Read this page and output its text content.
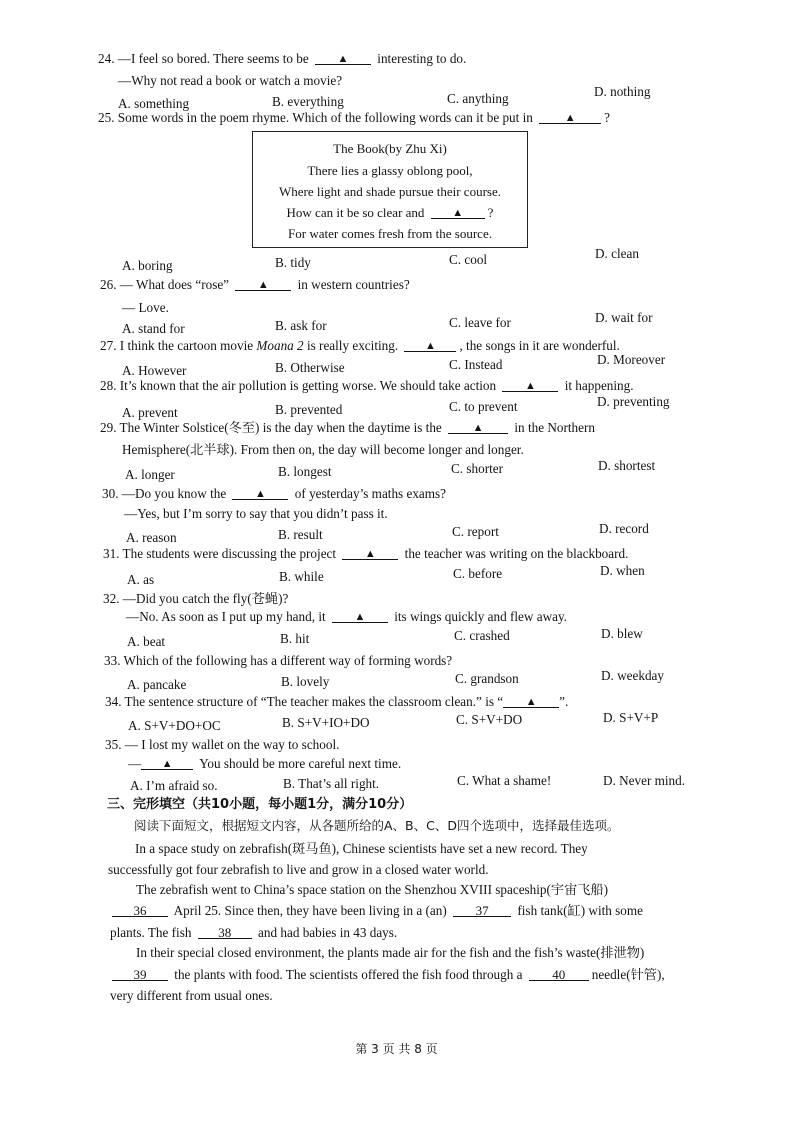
24. —I feel so bored. There seems to be	▲ interesting to do.
—Why not read a book or watch a movie?
A. something	B. everything	C. anything	D. nothing
25. Some words in the poem rhyme. Which of the following words can it be put in	▲ ?
The Book(by Zhu Xi)
There lies a glassy oblong pool,
Where light and shade pursue their course.
How can it be so clear and	▲ ?
For water comes fresh from the source.
A. boring	B. tidy	C. cool	D. clean
26. — What does “rose”	▲ in western countries?
— Love.
A. stand for	B. ask for	C. leave for	D. wait for
27. I think the cartoon movie Moana 2 is really exciting. ▲ , the songs in it are wonderful.
A. However	B. Otherwise	C. Instead	D. Moreover
28. It’s known that the air pollution is getting worse. We should take action	▲ it happening.
A. prevent	B. prevented	C. to prevent	D. preventing
29. The Winter Solstice(冬至) is the day when the daytime is the	▲ in the Northern
Hemisphere(北半球). From then on, the day will become longer and longer.
A. longer	B. longest	C. shorter	D. shortest
30. —Do you know the	▲ of yesterday’s maths exams?
—Yes, but I’m sorry to say that you didn’t pass it.
A. reason	B. result	C. report	D. record
31. The students were discussing the project	▲ the teacher was writing on the blackboard.
A. as	B. while	C. before	D. when
32. —Did you catch the fly(苍蝇)?
—No. As soon as I put up my hand, it	▲ its wings quickly and flew away.
A. beat	B. hit	C. crashed	D. blew
33. Which of the following has a different way of forming words?
A. pancake	B. lovely	C. grandson	D. weekday
34. The sentence structure of “The teacher makes the classroom clean.” is “ ▲ ”.
A. S+V+DO+OC	B. S+V+IO+DO	C. S+V+DO	D. S+V+P
35. — I lost my wallet on the way to school.
— ▲ You should be more careful next time.
A. I’m afraid so.	B. That’s all right.	C. What a shame!	D. Never mind.
三、完形填空（共10小题，每小题1分，满分10分）
阅读下面短文，根据短文内容，从各题所给的A、B、C、D四个选项中，选择最佳选项。
In a space study on zebrafish(斑马鱼), Chinese scientists have set a new record. They
successfully got four zebrafish to live and grow in a closed water world.
The zebrafish went to China’s space station on the Shenzhou XVIII spaceship(宇宙飞船)
36 April 25. Since then, they have been living in a (an) 37 fish tank(缸) with some
plants. The fish 38 and had babies in 43 days.
In their special closed environment, the plants made air for the fish and the fish’s waste(排泄物)
39 the plants with food. The scientists offered the fish food through a 40 needle(针管),
very different from usual ones.
第 3 页 共 8 页
